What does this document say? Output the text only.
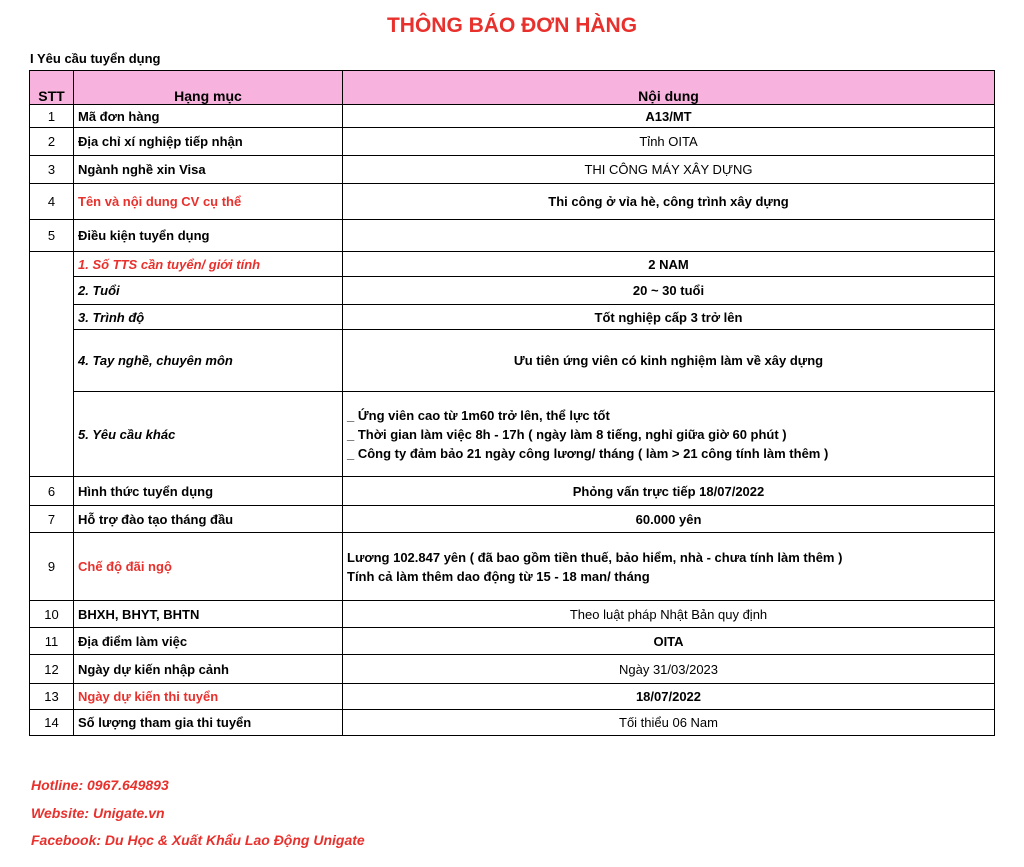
THÔNG BÁO ĐƠN HÀNG
I Yêu cầu tuyển dụng
STT	Hạng mục	Nội dung
1	Mã đơn hàng	A13/MT
2	Địa chỉ xí nghiệp tiếp nhận	Tỉnh OITA
3	Ngành nghề xin Visa	THI CÔNG MÁY XÂY DỰNG
4	Tên và nội dung CV cụ thể	Thi công ở vỉa hè, công trình xây dựng
5	Điều kiện tuyển dụng	
	1. Số TTS cần tuyển/ giới tính	2 NAM
	2. Tuổi	20 ~ 30 tuổi
	3. Trình độ	Tốt nghiệp cấp 3 trở lên
	4. Tay nghề, chuyên môn	Ưu tiên ứng viên có kinh nghiệm làm về xây dựng
	5. Yêu cầu khác	_ Ứng viên cao từ 1m60 trở lên, thể lực tốt
_ Thời gian làm việc 8h - 17h ( ngày làm 8 tiếng, nghỉ giữa giờ 60 phút )
_ Công ty đảm bảo 21 ngày công lương/ tháng ( làm > 21 công tính làm thêm )

6	Hình thức tuyển dụng	Phỏng vấn trực tiếp 18/07/2022
7	Hỗ trợ đào tạo tháng đầu	60.000 yên
9	Chế độ đãi ngộ	Lương 102.847 yên ( đã bao gồm tiền thuế, bảo hiểm, nhà - chưa tính làm thêm )
Tính cả làm thêm dao động từ 15 - 18 man/ tháng

10	BHXH, BHYT, BHTN	Theo luật pháp Nhật Bản quy định
11	Địa điểm làm việc	OITA
12	Ngày dự kiến nhập cảnh	Ngày 31/03/2023
13	Ngày dự kiến thi tuyển	18/07/2022
14	Số lượng tham gia thi tuyển	Tối thiểu 06 Nam
Hotline: 0967.649893
Website: Unigate.vn
Facebook: Du Học & Xuất Khẩu Lao Động Unigate
